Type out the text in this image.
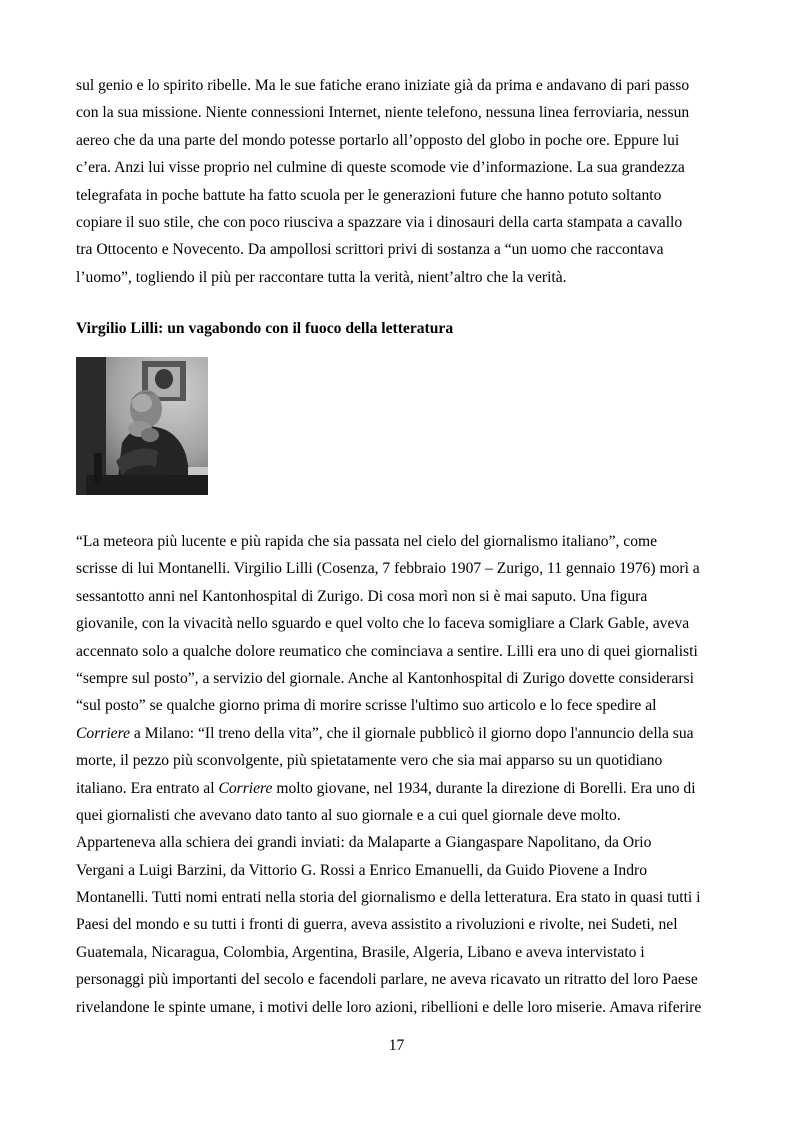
sul genio e lo spirito ribelle. Ma le sue fatiche erano iniziate già da prima e andavano di pari passo
con la sua missione. Niente connessioni Internet, niente telefono, nessuna linea ferroviaria, nessun
aereo che da una parte del mondo potesse portarlo all’opposto del globo in poche ore. Eppure lui
c’era. Anzi lui visse proprio nel culmine di queste scomode vie d’informazione. La sua grandezza
telegrafata in poche battute ha fatto scuola per le generazioni future che hanno potuto soltanto
copiare il suo stile, che con poco riusciva a spazzare via i dinosauri della carta stampata a cavallo
tra Ottocento e Novecento. Da ampollosi scrittori privi di sostanza a “un uomo che raccontava
l’uomo”, togliendo il più per raccontare tutta la verità, nient’altro che la verità.
Virgilio Lilli: un vagabondo con il fuoco della letteratura
“La meteora più lucente e più rapida che sia passata nel cielo del giornalismo italiano”, come
scrisse di lui Montanelli. Virgilio Lilli (Cosenza, 7 febbraio 1907 – Zurigo, 11 gennaio 1976) morì a
sessantotto anni nel Kantonhospital di Zurigo. Di cosa morì non si è mai saputo. Una figura
giovanile, con la vivacità nello sguardo e quel volto che lo faceva somigliare a Clark Gable, aveva
accennato solo a qualche dolore reumatico che cominciava a sentire. Lilli era uno di quei giornalisti
“sempre sul posto”, a servizio del giornale. Anche al Kantonhospital di Zurigo dovette considerarsi
“sul posto” se qualche giorno prima di morire scrisse l'ultimo suo articolo e lo fece spedire al
Corriere a Milano: “Il treno della vita”, che il giornale pubblicò il giorno dopo l'annuncio della sua
morte, il pezzo più sconvolgente, più spietatamente vero che sia mai apparso su un quotidiano
italiano. Era entrato al Corriere molto giovane, nel 1934, durante la direzione di Borelli. Era uno di
quei giornalisti che avevano dato tanto al suo giornale e a cui quel giornale deve molto.
Apparteneva alla schiera dei grandi inviati: da Malaparte a Giangaspare Napolitano, da Orio
Vergani a Luigi Barzini, da Vittorio G. Rossi a Enrico Emanuelli, da Guido Piovene a Indro
Montanelli. Tutti nomi entrati nella storia del giornalismo e della letteratura. Era stato in quasi tutti i
Paesi del mondo e su tutti i fronti di guerra, aveva assistito a rivoluzioni e rivolte, nei Sudeti, nel
Guatemala, Nicaragua, Colombia, Argentina, Brasile, Algeria, Libano e aveva intervistato i
personaggi più importanti del secolo e facendoli parlare, ne aveva ricavato un ritratto del loro Paese
rivelandone le spinte umane, i motivi delle loro azioni, ribellioni e delle loro miserie. Amava riferire
17
